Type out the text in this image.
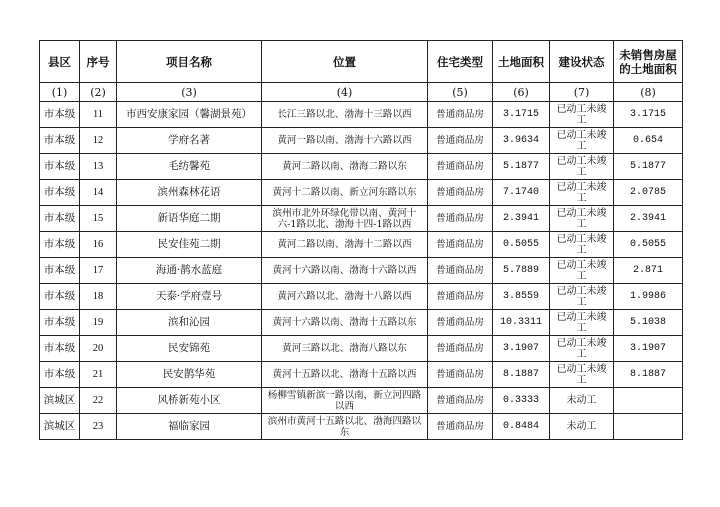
县区	序号	项目名称	位置	住宅类型	土地面积	建设状态	未销售房屋
的土地面积
(1)	(2)	(3)	(4)	(5)	(6)	(7)	(8)
市本级	11	市西安康家园（馨湖景苑）	长江三路以北、渤海十三路以西	普通商品房	3.1715	已动工未竣工	3.1715
市本级	12	学府名著	黄河一路以南、渤海十六路以西	普通商品房	3.9634	已动工未竣工	0.654
市本级	13	毛纺馨苑	黄河二路以南、渤海二路以东	普通商品房	5.1877	已动工未竣工	5.1877
市本级	14	滨州森林花语	黄河十二路以南、新立河东路以东	普通商品房	7.1740	已动工未竣工	2.0785
市本级	15	新语华庭二期	滨州市北外环绿化带以南、黄河十六-1路以北、渤海十四-1路以西	普通商品房	2.3941	已动工未竣工	2.3941
市本级	16	民安佳苑二期	黄河二路以南、渤海十二路以西	普通商品房	0.5055	已动工未竣工	0.5055
市本级	17	海通·鹊水蓝庭	黄河十六路以南、渤海十六路以西	普通商品房	5.7889	已动工未竣工	2.871
市本级	18	天泰·学府壹号	黄河六路以北、渤海十八路以西	普通商品房	3.8559	已动工未竣工	1.9986
市本级	19	滨和沁园	黄河十六路以南、渤海十五路以东	普通商品房	10.3311	已动工未竣工	5.1038
市本级	20	民安锦苑	黄河三路以北、渤海八路以东	普通商品房	3.1907	已动工未竣工	3.1907
市本级	21	民安鹊华苑	黄河十五路以北、渤海十五路以西	普通商品房	8.1887	已动工未竣工	8.1887
滨城区	22	风桥新苑小区	杨柳雪镇新滨一路以南，新立河四路以西	普通商品房	0.3333	未动工	
滨城区	23	福临家园	滨州市黄河十五路以北、渤海四路以东	普通商品房	0.8484	未动工	
